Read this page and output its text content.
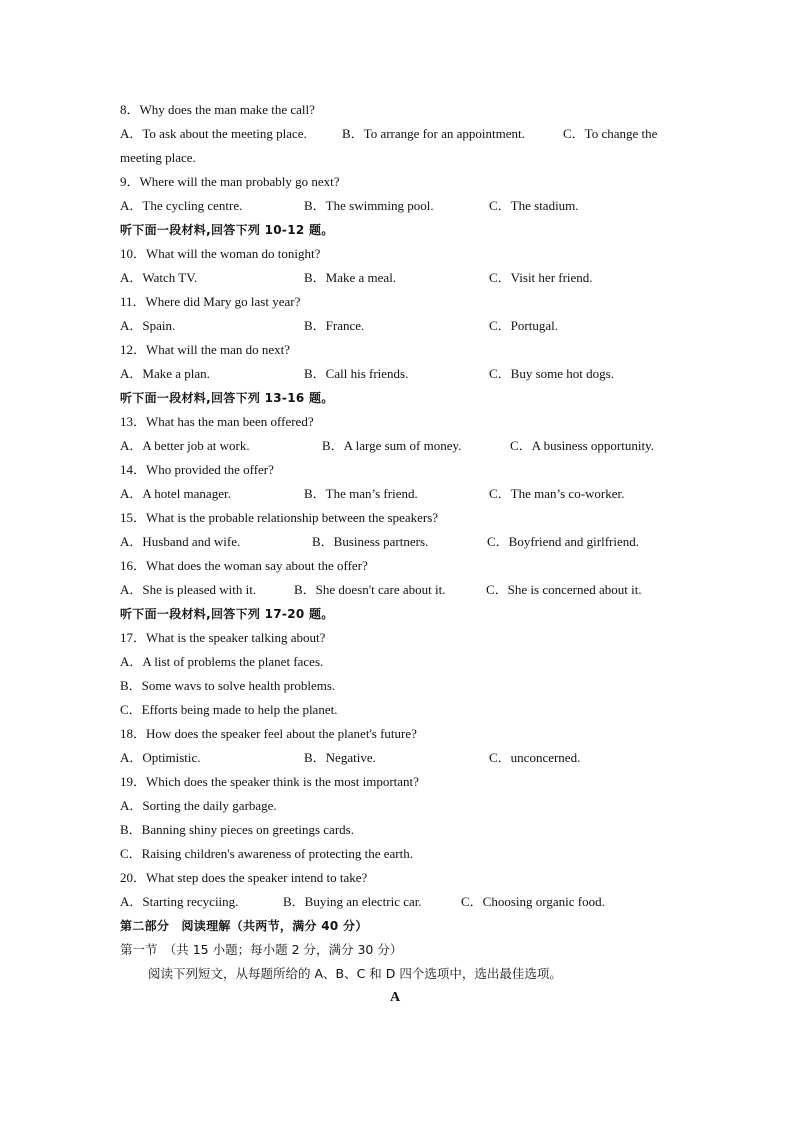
8．Why does the man make the call?
A．To ask about the meeting place.	B．To arrange for an appointment.	C．To change the
meeting place.
9．Where will the man probably go next?
A．The cycling centre.	B．The swimming pool.	C．The stadium.
听下面一段材料,回答下列 10-12 题。
10．What will the woman do tonight?
A．Watch TV.	B．Make a meal.	C．Visit her friend.
11．Where did Mary go last year?
A．Spain.	B．France.	C．Portugal.
12．What will the man do next?
A．Make a plan.	B．Call his friends.	C．Buy some hot dogs.
听下面一段材料,回答下列 13-16 题。
13．What has the man been offered?
A．A better job at work.	B．A large sum of money.	C．A business opportunity.
14．Who provided the offer?
A．A hotel manager.	B．The man’s friend.	C．The man’s co-worker.
15．What is the probable relationship between the speakers?
A．Husband and wife.	B．Business partners.	C．Boyfriend and girlfriend.
16．What does the woman say about the offer?
A．She is pleased with it.	B．She doesn't care about it.	C．She is concerned about it.
听下面一段材料,回答下列 17-20 题。
17．What is the speaker talking about?
A．A list of problems the planet faces.
B．Some wavs to solve health problems.
C．Efforts being made to help the planet.
18．How does the speaker feel about the planet's future?
A．Optimistic.	B．Negative.	C．unconcerned.
19．Which does the speaker think is the most important?
A．Sorting the daily garbage.
B．Banning shiny pieces on greetings cards.
C．Raising children's awareness of protecting the earth.
20．What step does the speaker intend to take?
A．Starting recyciing.	B．Buying an electric car.	C．Choosing organic food.
第二部分　阅读理解（共两节，满分 40 分）
第一节　（共 15 小题；每小题 2 分，满分 30 分）
阅读下列短文，从每题所给的 A、B、C 和 D 四个选项中，选出最佳选项。
A
